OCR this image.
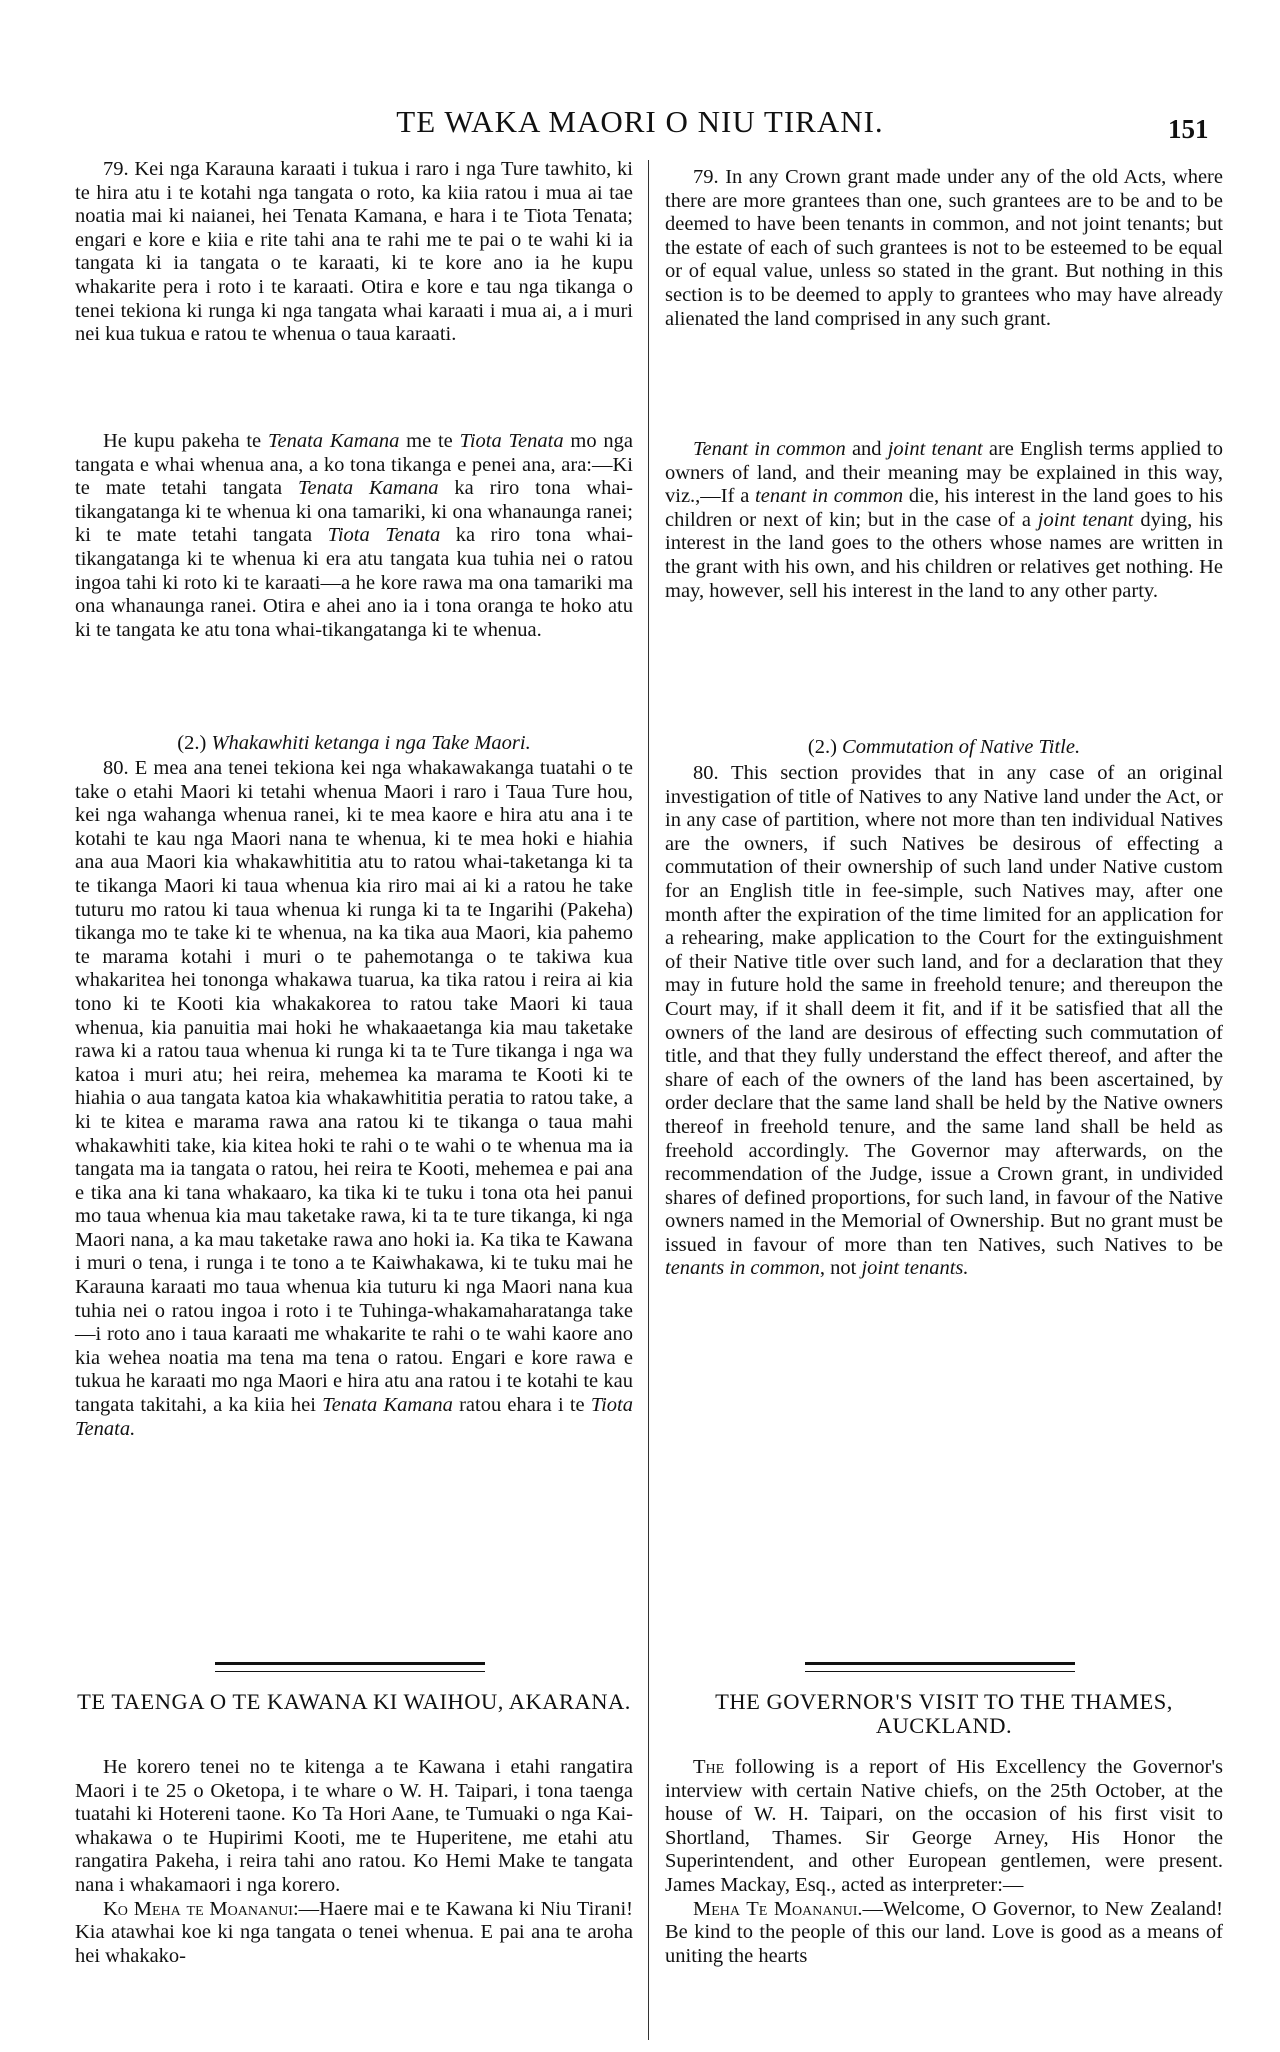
TE WAKA MAORI O NIU TIRANI.	151

79. Kei nga Karauna karaati i tukua i raro i nga Ture tawhito, ki te hira atu i te kotahi nga tangata o roto, ka kiia ratou i mua ai tae noatia mai ki naianei, hei Tenata Kamana, e hara i te Tiota Tenata; engari e kore e kiia e rite tahi ana te rahi me te pai o te wahi ki ia tangata ki ia tangata o te karaati, ki te kore ano ia he kupu whakarite pera i roto i te karaati. Otira e kore e tau nga tikanga o tenei tekiona ki runga ki nga tangata whai karaati i mua ai, a i muri nei kua tukua e ratou te whenua o taua karaati.

He kupu pakeha te Tenata Kamana me te Tiota Tenata mo nga tangata e whai whenua ana, a ko tona tikanga e penei ana, ara:—Ki te mate tetahi tangata Tenata Kamana ka riro tona whai-tikangatanga ki te whenua ki ona tamariki, ki ona whanaunga ranei; ki te mate tetahi tangata Tiota Tenata ka riro tona whai-tikangatanga ki te whenua ki era atu tangata kua tuhia nei o ratou ingoa tahi ki roto ki te karaati—a he kore rawa ma ona tamariki ma ona whanaunga ranei. Otira e ahei ano ia i tona oranga te hoko atu ki te tangata ke atu tona whai-tikangatanga ki te whenua.

(2.) Whakawhiti ketanga i nga Take Maori.

80. E mea ana tenei tekiona kei nga whakawakanga tuatahi o te take o etahi Maori ki tetahi whenua Maori i raro i Taua Ture hou, kei nga wahanga whenua ranei, ki te mea kaore e hira atu ana i te kotahi te kau nga Maori nana te whenua, ki te mea hoki e hiahia ana aua Maori kia whakawhititia atu to ratou whai-taketanga ki ta te tikanga Maori ki taua whenua kia riro mai ai ki a ratou he take tuturu mo ratou ki taua whenua ki runga ki ta te Ingarihi (Pakeha) tikanga mo te take ki te whenua, na ka tika aua Maori, kia pahemo te marama kotahi i muri o te pahemotanga o te takiwa kua whakaritea hei tononga whakawa tuarua, ka tika ratou i reira ai kia tono ki te Kooti kia whakakorea to ratou take Maori ki taua whenua, kia panuitia mai hoki he whakaaetanga kia mau taketake rawa ki a ratou taua whenua ki runga ki ta te Ture tikanga i nga wa katoa i muri atu; hei reira, mehemea ka marama te Kooti ki te hiahia o aua tangata katoa kia whakawhititia peratia to ratou take, a ki te kitea e marama rawa ana ratou ki te tikanga o taua mahi whakawhiti take, kia kitea hoki te rahi o te wahi o te whenua ma ia tangata ma ia tangata o ratou, hei reira te Kooti, mehemea e pai ana e tika ana ki tana whakaaro, ka tika ki te tuku i tona ota hei panui mo taua whenua kia mau taketake rawa, ki ta te ture tikanga, ki nga Maori nana, a ka mau taketake rawa ano hoki ia. Ka tika te Kawana i muri o tena, i runga i te tono a te Kaiwhakawa, ki te tuku mai he Karauna karaati mo taua whenua kia tuturu ki nga Maori nana kua tuhia nei o ratou ingoa i roto i te Tuhinga-whakamaharatanga take—i roto ano i taua karaati me whakarite te rahi o te wahi kaore ano kia wehea noatia ma tena ma tena o ratou. Engari e kore rawa e tukua he karaati mo nga Maori e hira atu ana ratou i te kotahi te kau tangata takitahi, a ka kiia hei Tenata Kamana ratou ehara i te Tiota Tenata.

TE TAENGA O TE KAWANA KI WAIHOU, AKARANA.

He korero tenei no te kitenga a te Kawana i etahi rangatira Maori i te 25 o Oketopa, i te whare o W. H. Taipari, i tona taenga tuatahi ki Hotereni taone. Ko Ta Hori Aane, te Tumuaki o nga Kai-whakawa o te Hupirimi Kooti, me te Huperitene, me etahi atu rangatira Pakeha, i reira tahi ano ratou. Ko Hemi Make te tangata nana i whakamaori i nga korero.

Ko Meha te Moananui:—Haere mai e te Kawana ki Niu Tirani! Kia atawhai koe ki nga tangata o tenei whenua. E pai ana te aroha hei whakako-

79. In any Crown grant made under any of the old Acts, where there are more grantees than one, such grantees are to be and to be deemed to have been tenants in common, and not joint tenants; but the estate of each of such grantees is not to be esteemed to be equal or of equal value, unless so stated in the grant. But nothing in this section is to be deemed to apply to grantees who may have already alienated the land comprised in any such grant.

Tenant in common and joint tenant are English terms applied to owners of land, and their meaning may be explained in this way, viz.,—If a tenant in common die, his interest in the land goes to his children or next of kin; but in the case of a joint tenant dying, his interest in the land goes to the others whose names are written in the grant with his own, and his children or relatives get nothing. He may, however, sell his interest in the land to any other party.

(2.) Commutation of Native Title.

80. This section provides that in any case of an original investigation of title of Natives to any Native land under the Act, or in any case of partition, where not more than ten individual Natives are the owners, if such Natives be desirous of effecting a commutation of their ownership of such land under Native custom for an English title in fee-simple, such Natives may, after one month after the expiration of the time limited for an application for a rehearing, make application to the Court for the extinguishment of their Native title over such land, and for a declaration that they may in future hold the same in freehold tenure; and thereupon the Court may, if it shall deem it fit, and if it be satisfied that all the owners of the land are desirous of effecting such commutation of title, and that they fully understand the effect thereof, and after the share of each of the owners of the land has been ascertained, by order declare that the same land shall be held by the Native owners thereof in freehold tenure, and the same land shall be held as freehold accordingly. The Governor may afterwards, on the recommendation of the Judge, issue a Crown grant, in undivided shares of defined proportions, for such land, in favour of the Native owners named in the Memorial of Ownership. But no grant must be issued in favour of more than ten Natives, such Natives to be tenants in common, not joint tenants.

THE GOVERNOR'S VISIT TO THE THAMES, AUCKLAND.

The following is a report of His Excellency the Governor's interview with certain Native chiefs, on the 25th October, at the house of W. H. Taipari, on the occasion of his first visit to Shortland, Thames. Sir George Arney, His Honor the Superintendent, and other European gentlemen, were present. James Mackay, Esq., acted as interpreter:—

Meha Te Moananui.—Welcome, O Governor, to New Zealand! Be kind to the people of this our land. Love is good as a means of uniting the hearts
